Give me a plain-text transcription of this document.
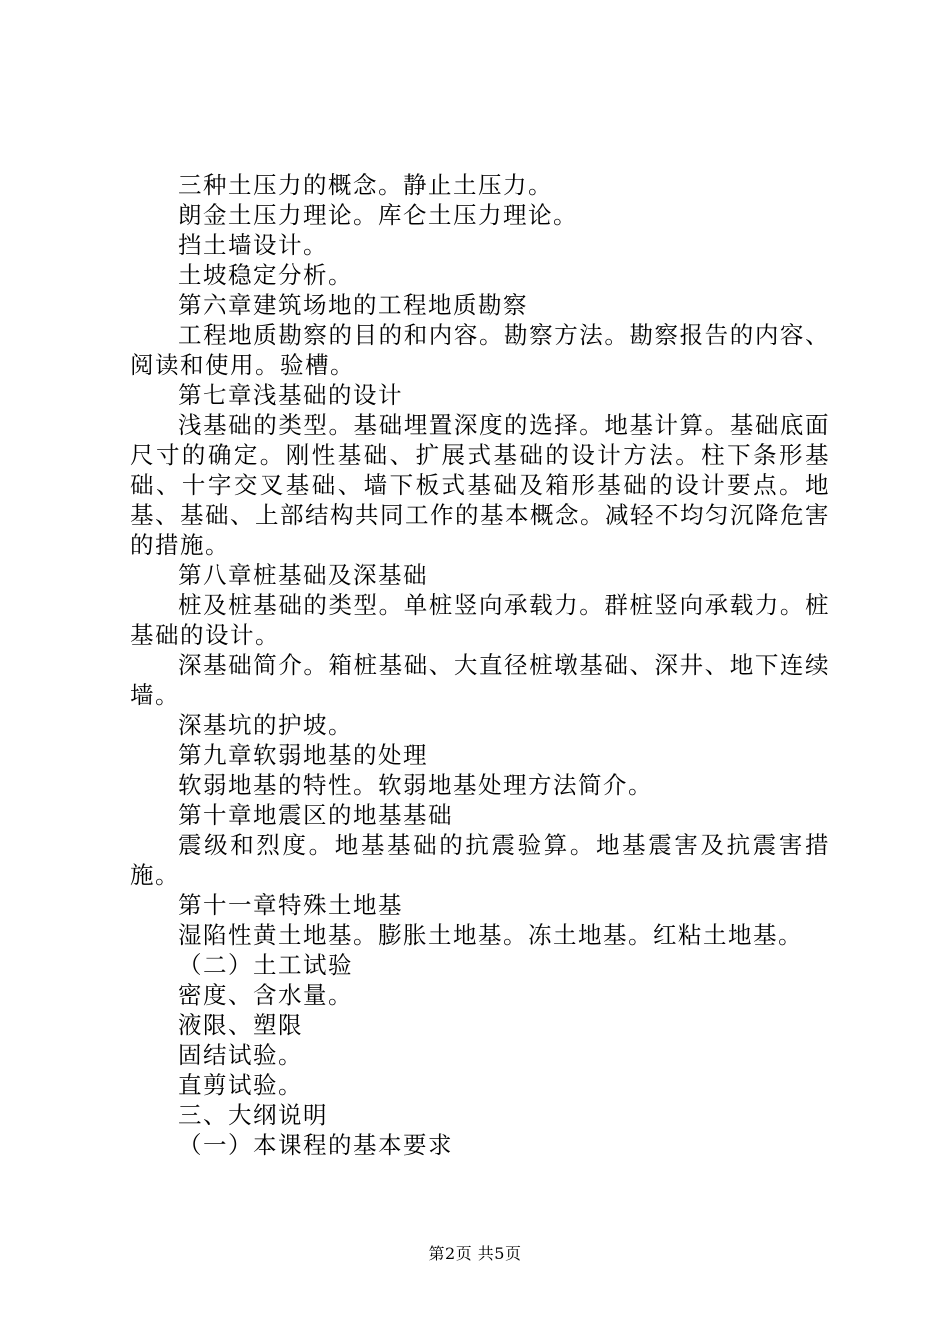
三种土压力的概念。静止土压力。

朗金土压力理论。库仑土压力理论。

挡土墙设计。

土坡稳定分析。

第六章建筑场地的工程地质勘察

工程地质勘察的目的和内容。勘察方法。勘察报告的内容、阅读和使用。验槽。

第七章浅基础的设计

浅基础的类型。基础埋置深度的选择。地基计算。基础底面尺寸的确定。刚性基础、扩展式基础的设计方法。柱下条形基础、十字交叉基础、墙下板式基础及箱形基础的设计要点。地基、基础、上部结构共同工作的基本概念。减轻不均匀沉降危害的措施。

第八章桩基础及深基础

桩及桩基础的类型。单桩竖向承载力。群桩竖向承载力。桩基础的设计。

深基础简介。箱桩基础、大直径桩墩基础、深井、地下连续墙。

深基坑的护坡。

第九章软弱地基的处理

软弱地基的特性。软弱地基处理方法简介。

第十章地震区的地基基础

震级和烈度。地基基础的抗震验算。地基震害及抗震害措施。

第十一章特殊土地基

湿陷性黄土地基。膨胀土地基。冻土地基。红粘土地基。

（二）土工试验

密度、含水量。

液限、塑限

固结试验。

直剪试验。

三、大纲说明

（一）本课程的基本要求

第2页 共5页
